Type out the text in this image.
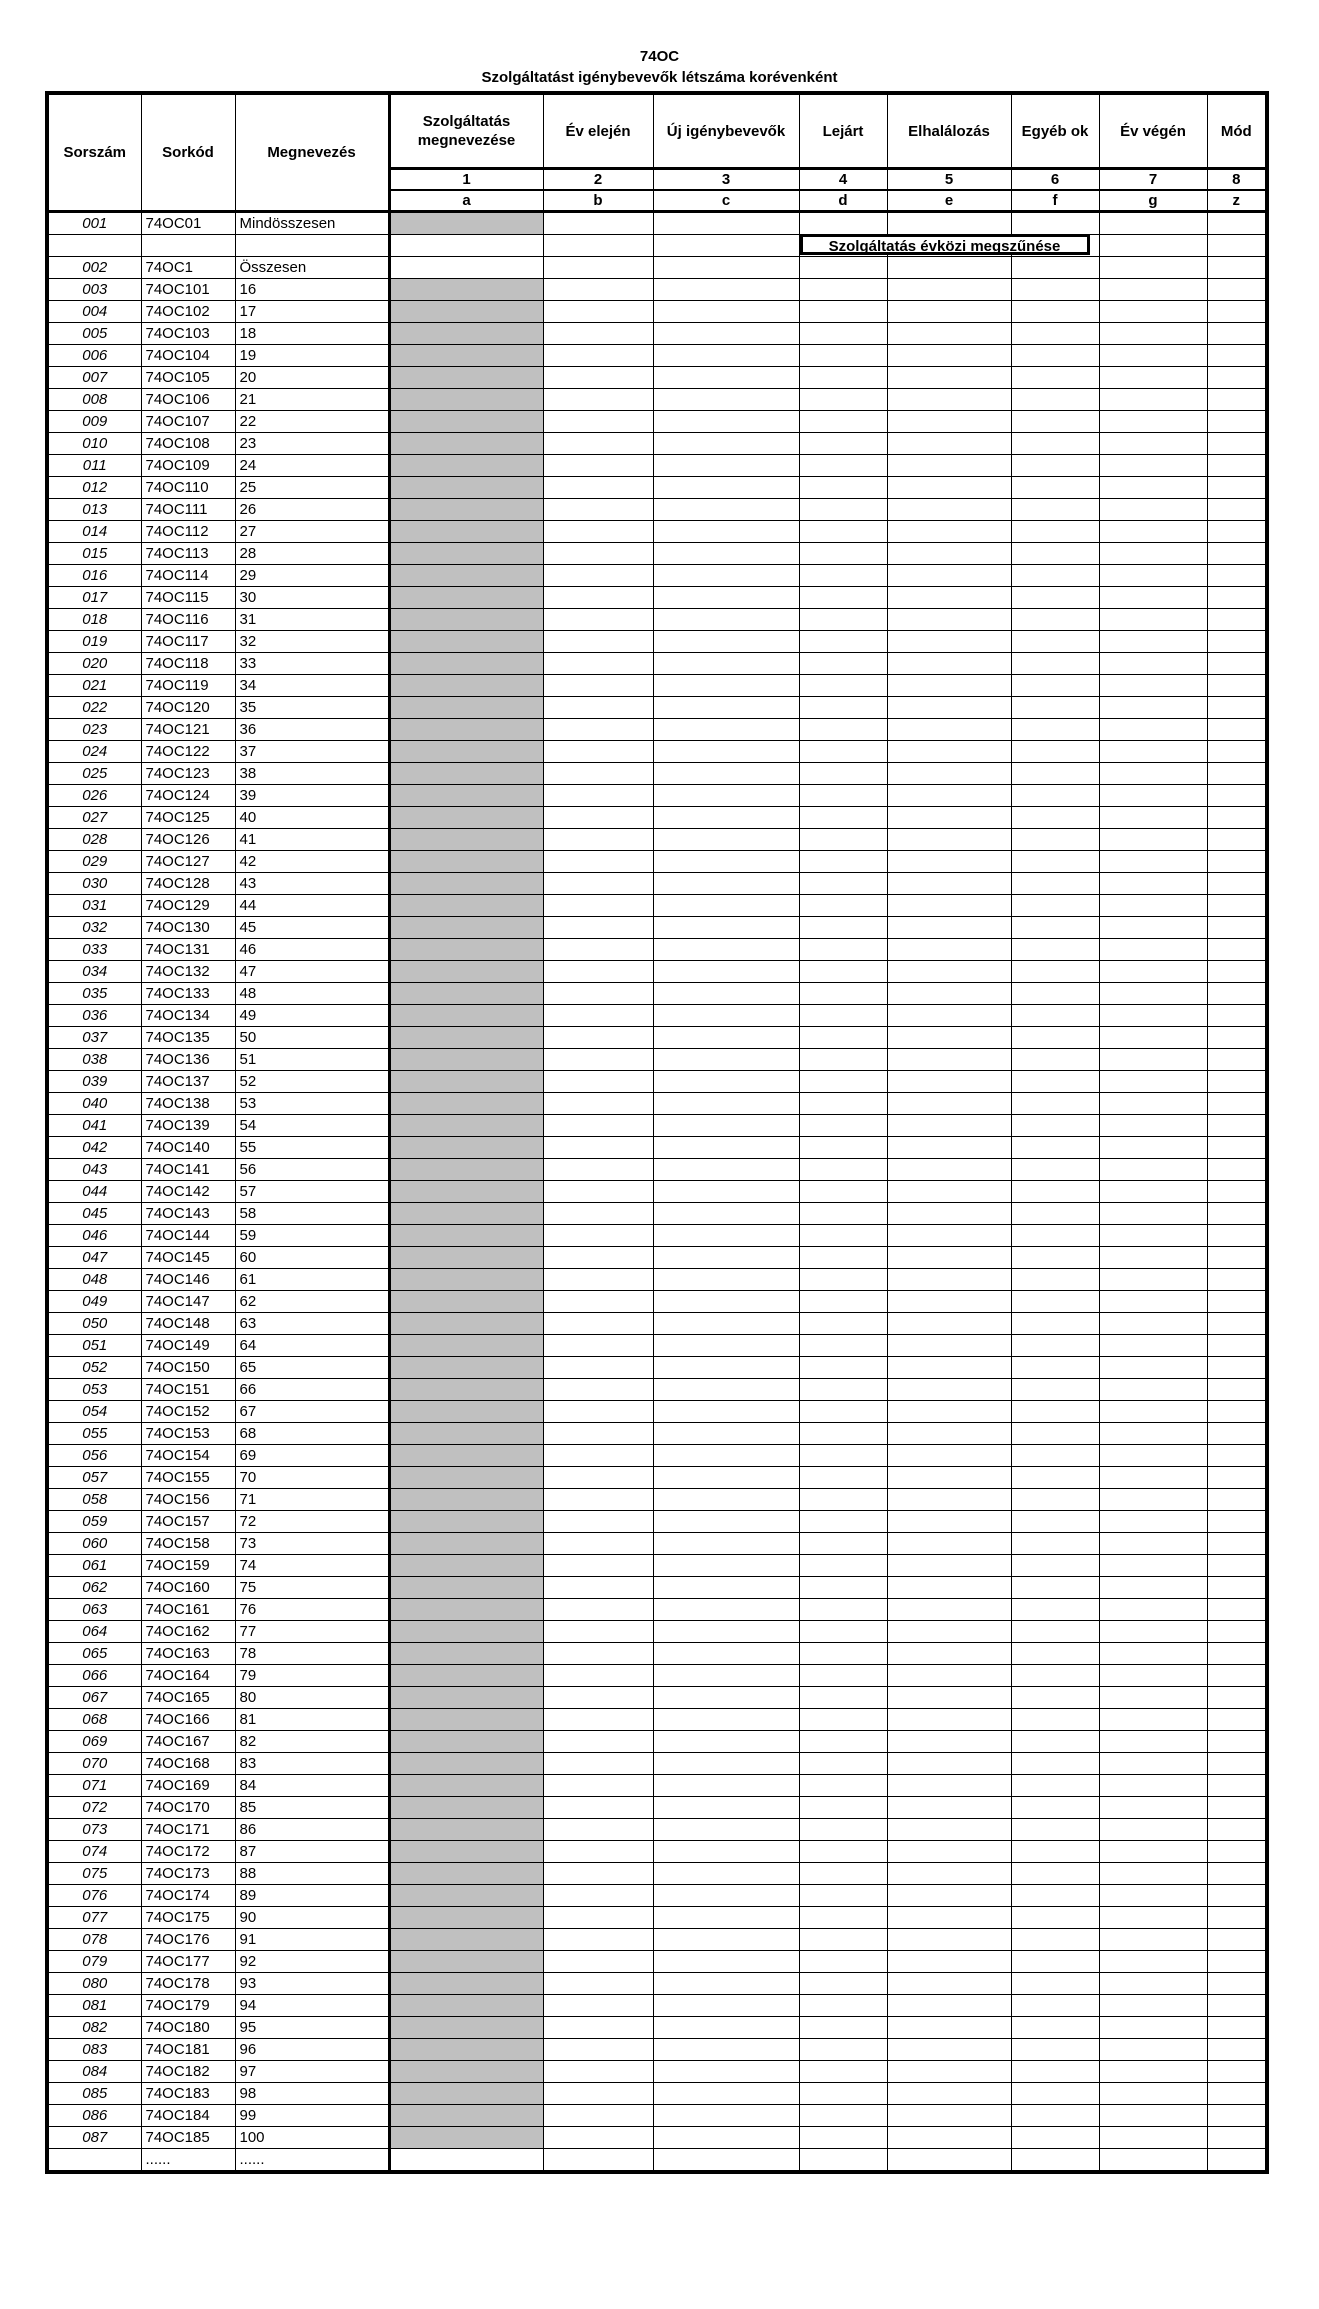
74OC
Szolgáltatást igénybevevők létszáma korévenként
Sorszám	Sorkód	Megnevezés	Szolgáltatás megnevezése	Év elején	Új igénybevevők	Lejárt	Elhalálozás	Egyéb ok	Év végén	Mód
			1	2	3	4	5	6	7	8
			a	b	c	d	e	f	g	z
001	74OC01	Mindösszesen								

						Szolgáltatás évközi megszűnése				

002	74OC1	Összesen								
003	74OC101	16								
004	74OC102	17								
005	74OC103	18								
006	74OC104	19								
007	74OC105	20								
008	74OC106	21								
009	74OC107	22								
010	74OC108	23								
011	74OC109	24								
012	74OC110	25								
013	74OC111	26								
014	74OC112	27								
015	74OC113	28								
016	74OC114	29								
017	74OC115	30								
018	74OC116	31								
019	74OC117	32								
020	74OC118	33								
021	74OC119	34								
022	74OC120	35								
023	74OC121	36								
024	74OC122	37								
025	74OC123	38								
026	74OC124	39								
027	74OC125	40								
028	74OC126	41								
029	74OC127	42								
030	74OC128	43								
031	74OC129	44								
032	74OC130	45								
033	74OC131	46								
034	74OC132	47								
035	74OC133	48								
036	74OC134	49								
037	74OC135	50								
038	74OC136	51								
039	74OC137	52								
040	74OC138	53								
041	74OC139	54								
042	74OC140	55								
043	74OC141	56								
044	74OC142	57								
045	74OC143	58								
046	74OC144	59								
047	74OC145	60								
048	74OC146	61								
049	74OC147	62								
050	74OC148	63								
051	74OC149	64								
052	74OC150	65								
053	74OC151	66								
054	74OC152	67								
055	74OC153	68								
056	74OC154	69								
057	74OC155	70								
058	74OC156	71								
059	74OC157	72								
060	74OC158	73								
061	74OC159	74								
062	74OC160	75								
063	74OC161	76								
064	74OC162	77								
065	74OC163	78								
066	74OC164	79								
067	74OC165	80								
068	74OC166	81								
069	74OC167	82								
070	74OC168	83								
071	74OC169	84								
072	74OC170	85								
073	74OC171	86								
074	74OC172	87								
075	74OC173	88								
076	74OC174	89								
077	74OC175	90								
078	74OC176	91								
079	74OC177	92								
080	74OC178	93								
081	74OC179	94								
082	74OC180	95								
083	74OC181	96								
084	74OC182	97								
085	74OC183	98								
086	74OC184	99								
087	74OC185	100								
	......	......								
